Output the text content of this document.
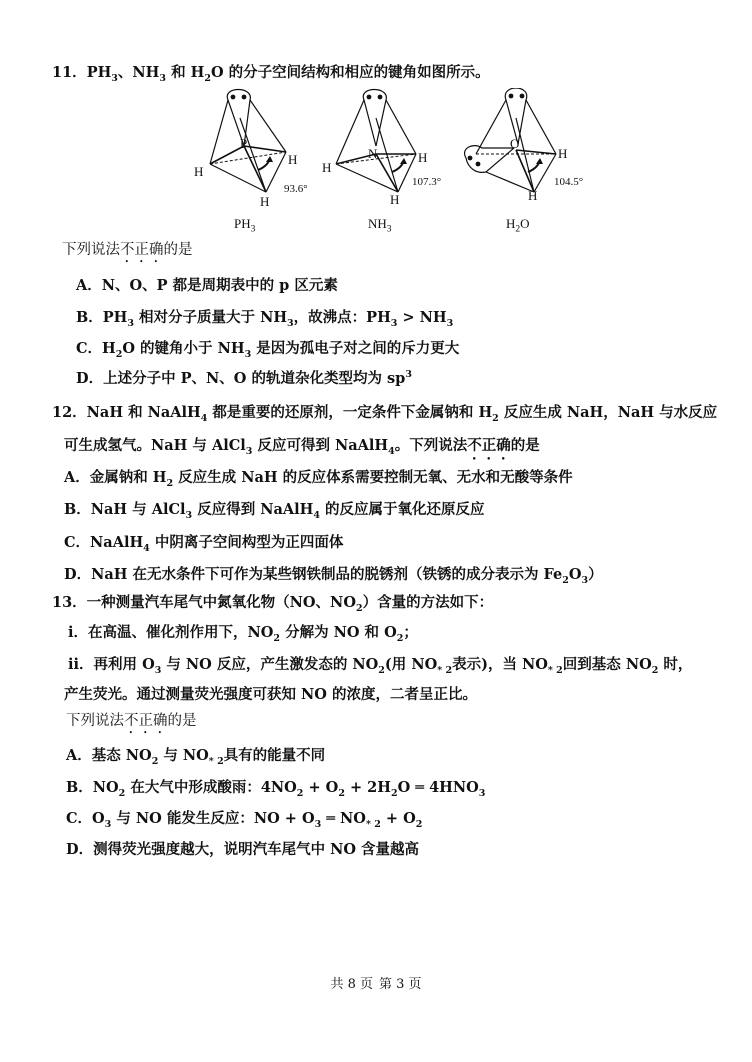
11．$PH_3$、$NH_3$ 和 $H_2O$ 的分子空间结构和相应的键角如图所示。
P
H
H
H
93.6°
$PH_3$
N
H
H
H
107.3°
$NH_3$
O
H
H
104.5°
$H_2O$
下列说法不正确的是
A．N、O、P 都是周期表中的 p 区元素
B．$PH_3$ 相对分子质量大于 $NH_3$，故沸点：$PH_3 > NH_3$
C．$H_2O$ 的键角小于 $NH_3$ 是因为孤电子对之间的斥力更大
D．上述分子中 P、N、O 的轨道杂化类型均为 $sp^3$
12．NaH 和 NaAlH$_4$ 都是重要的还原剂，一定条件下金属钠和 $H_2$ 反应生成 NaH，NaH 与水反应
可生成氢气。NaH 与 AlCl$_3$ 反应可得到 NaAlH$_4$。下列说法不正确的是
A．金属钠和 $H_2$ 反应生成 NaH 的反应体系需要控制无氧、无水和无酸等条件
B．NaH 与 AlCl$_3$ 反应得到 NaAlH$_4$ 的反应属于氧化还原反应
C．NaAlH$_4$ 中阴离子空间构型为正四面体
D．NaH 在无水条件下可作为某些钢铁制品的脱锈剂（铁锈的成分表示为 $Fe_2O_3$）
13．一种测量汽车尾气中氮氧化物（NO、$NO_2$）含量的方法如下：
ⅰ．在高温、催化剂作用下，$NO_2$ 分解为 NO 和 $O_2$；
ⅱ．再利用 $O_3$ 与 NO 反应，产生激发态的 $NO_2$(用 $NO_{* 2}$表示)，当 $NO_{* 2}$回到基态 $NO_2$ 时，
产生荧光。通过测量荧光强度可获知 NO 的浓度，二者呈正比。
下列说法不正确的是
A．基态 $NO_2$ 与 $NO_{* 2}$具有的能量不同
B．$NO_2$ 在大气中形成酸雨：$4NO_2 + O_2 + 2H_2O$ ═ $4HNO_3$
C．$O_3$ 与 NO 能发生反应：NO + $O_3$ ═ $NO_{* 2} + O_2$
D．测得荧光强度越大，说明汽车尾气中 NO 含量越高
共 8 页 第 3 页
